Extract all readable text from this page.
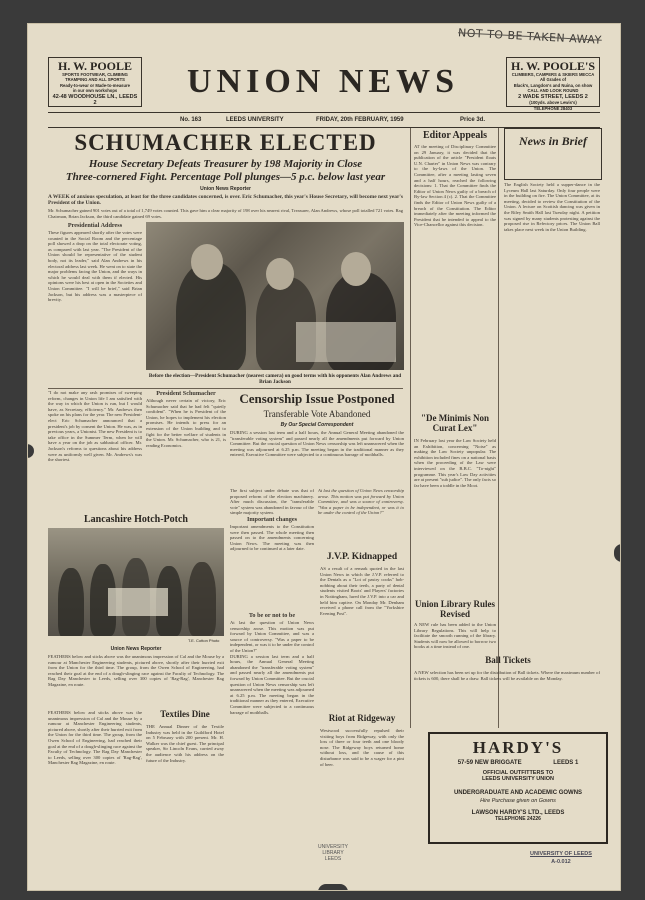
NOT TO BE TAKEN AWAY
H. W. POOLE
SPORTS FOOTWEAR, CLIMBING
TRAMPING AND ALL SPORTS
Ready-to-wear or Made-to-measure
in our own workshops
42-48 WOODHOUSE LN., LEEDS 2
UNION NEWS	H. W. POOLE'S
CLIMBERS, CAMPERS & SKIERS MECCA
All Grades of
Black's, Langdon's and Nuina, on show
CALL AND LOOK ROUND
2 WADE STREET, LEEDS 2
(100yds. above Lewis's)
TELEPHONE 28403
No. 163	LEEDS UNIVERSITY	FRIDAY, 20th FEBRUARY, 1959	Price 3d.
SCHUMACHER ELECTED
House Secretary Defeats Treasurer by 198 Majority in Close
Three-cornered Fight. Percentage Poll plunges—5 p.c. below last year
Union News Reporter
A WEEK of anxious speculation, at least for the three candidates concerned, is over. Eric Schumacher, this year's House Secretary, will become next year's President of the Union.
Mr. Schumacher gained 901 votes out of a total of 1,749 votes counted. This gave him a clear majority of 198 over his nearest rival, Treasurer, Alan Andrews, whose poll totalled 721 votes. Rag Chairman, Brian Jackson, the third candidate gained 69 votes.
Presidential Address
These figures appeared shortly after the votes were counted in the Social Room and the percentage poll showed a drop on the total electorate voting, as compared with last year. "The President of the Union should be representative of the student body, not its leader," said Alan Andrews in his electoral address last week. He went on to state the major problems facing the Union, and the ways in which he would deal with them if elected. His opinions were his best at open in the Societies and Union Committee. "I will be brief," said Brian Jackson, but his address was a masterpiece of brevity.
Before the election—President Schumacher (nearest camera) on good terms with his opponents Alan Andrews and Brian Jackson
"I do not make any rash promises of sweeping reform, changes in Union life I am satisfied with the way in which the Union is run, but I would have, as Secretary, efficiency." Mr. Andrews then spoke on his plans for the year. The new President-elect Eric Schumacher announced that a president's job by consent the Union. He was, as in previous years, a Unionist. The new President is to take office in the Summer Term, when he will have a year on the job as sabbatical officer. Mr. Jackson's reforms to questions about his address were as uniformly well given. Mr. Andrews's was the shortest.
President Schumacher
Although never certain of victory, Eric Schumacher said that he had felt "quietly confident". "When he is President of the Union, he hopes to implement his election promises. He intends to press for an extension of the Union building and to fight for the better welfare of students in the Union. Mr. Schumacher, who is 21, is reading Economics.
Censorship Issue Postponed
Transferable Vote Abandoned
By Our Special Correspondent
DURING a session last term and a half hours, the Annual General Meeting abandoned the "transferable voting system" and passed nearly all the amendments put forward by Union Committee. But the crucial question of Union News censorship was left unanswered when the meeting was adjourned at 6.25 p.m. The meeting began in the traditional manner as they entered, Executive Committee were subjected to a continuous barrage of mothballs.
The first subject under debate was that of proposed reform of the election machinery. After much discussion, the "transferable vote" system was abandoned in favour of the simple majority system.
Important changes
Important amendments to the Constitution were then passed. The whole meeting then passed on to the amendments concerning Union News. The meeting was then adjourned to be continued at a later date.
At last the question of Union News censorship arose. This motion was put forward by Union Committee, and was a source of controversy. "Was a paper to be independent, or was it to be under the control of the Union?"
Lancashire Hotch-Potch
T.E. Cotton Photo
Union News Reporter
FEATHERS below and sticks above was the unanimous impression of Cal and the Mouse by a rumour at Manchester Engineering students, pictured above, shortly after their hurried exit from the Union for the third time. The group, from the Owen School of Engineering, had reached their goal at the end of a dough-slinging race against the Faculty of Technology. The Rag Day Manchester to Leeds, selling over 300 copies of 'Rag-Rag', Manchester Rag Magazine, en route.
Textiles Dine
FEATHERS below and sticks above was the unanimous impression of Cal and the Mouse by a rumour at Manchester Engineering students, pictured above, shortly after their hurried exit from the Union for the third time. The group, from the Owen School of Engineering, had reached their goal at the end of a dough-slinging race against the Faculty of Technology. The Rag Day Manchester to Leeds, selling over 300 copies of 'Rag-Rag', Manchester Rag Magazine, en route.
THE Annual Dinner of the Textile Industry was held in the Guildford Hotel on 5 February with 200 present. Mr. H. Walker was the chief guest. The principal speaker, Sir Lincoln Evans, carried away the audience with his address on the future of the Industry.
J.V.P. Kidnapped
AS a result of a remark quoted in the last Union News in which the J.V.P. referred to the Dentals as a "Lot of pastry cooks" hob-nobbing about their teeth, a party of dental students visited Boots' and Players' factories in Nottingham, lured the J.V.P. into a car and held him captive. On Monday Mr. Denham received a phone call from the "Yorkshire Evening Post".
Riot at Ridgeway
Westwood successfully repulsed their visiting boys from Ridgeway, with only the loss of three or four teeth and one bloody nose. The Ridgeway boys returned home without loss, and the cause of this disturbance was said to be a wager for a pint of beer.
To be or not to be
At last the question of Union News censorship arose. This motion was put forward by Union Committee, and was a source of controversy. "Was a paper to be independent, or was it to be under the control of the Union?"
DURING a session last term and a half hours, the Annual General Meeting abandoned the "transferable voting system" and passed nearly all the amendments put forward by Union Committee. But the crucial question of Union News censorship was left unanswered when the meeting was adjourned at 6.25 p.m. The meeting began in the traditional manner as they entered, Executive Committee were subjected to a continuous barrage of mothballs.
UNIVERSITY
LIBRARY
LEEDS
Editor Appeals
AT the meeting of Disciplinary Committee on 29 January, it was decided that the publication of the article "President floats U.N. Charter" in Union News was contrary to the by-laws of the Union. The Committee, after a meeting lasting seven and a half hours, reached the following decisions: 1. That the Committee finds the Editor of Union News guilty of a breach of By-law Section 4 (c). 2. That the Committee finds the Editor of Union News guilty of a breach of the Constitution. The Editor immediately after the meeting informed the President that he intended to appeal to the Vice-Chancellor against this decision.
"De Minimis Non Curat Lex"
IN February last year the Law Society held an Exhibition, concerning "Noise" as making the Law Society unpopular. The exhibition included fines on a national basis when the proceeding of the Law were interviewed on the B.B.C. "To-night" programme. This year's Law Day activities are at present "sub judice". The only facts so far have been a toddle in the Moot.
Union Library Rules Revised
A NEW rule has been added to the Union Library Regulations. This will help to facilitate the smooth running of the library. Students will now be allowed to borrow two books at a time instead of one.
News in Brief
The English Society held a supper-dance in the Lyceum Hall last Saturday. Only four people were in the building on fire. The Union Committee, at its meeting, decided to review the Constitution of the Union. A lecture on Scottish dancing was given in the Riley Smith Hall last Tuesday night. A petition was signed by many students protesting against the proposed rise in Refectory prices. The Union Ball takes place next week in the Union Building.
Ball Tickets
A NEW selection has been set up for the distribution of Ball tickets. Where the maximum number of tickets is 600, there shall be a draw. Ball tickets will be available on the Monday.
HARDY'S
57-59 NEW BRIGGATE	LEEDS 1
OFFICIAL OUTFITTERS TO
LEEDS UNIVERSITY UNION
UNDERGRADUATE AND ACADEMIC GOWNS
Hire Purchase given on Gowns
LAWSON HARDY'S LTD., LEEDS
TELEPHONE 24226
UNIVERSITY OF LEEDS
A-0.012
